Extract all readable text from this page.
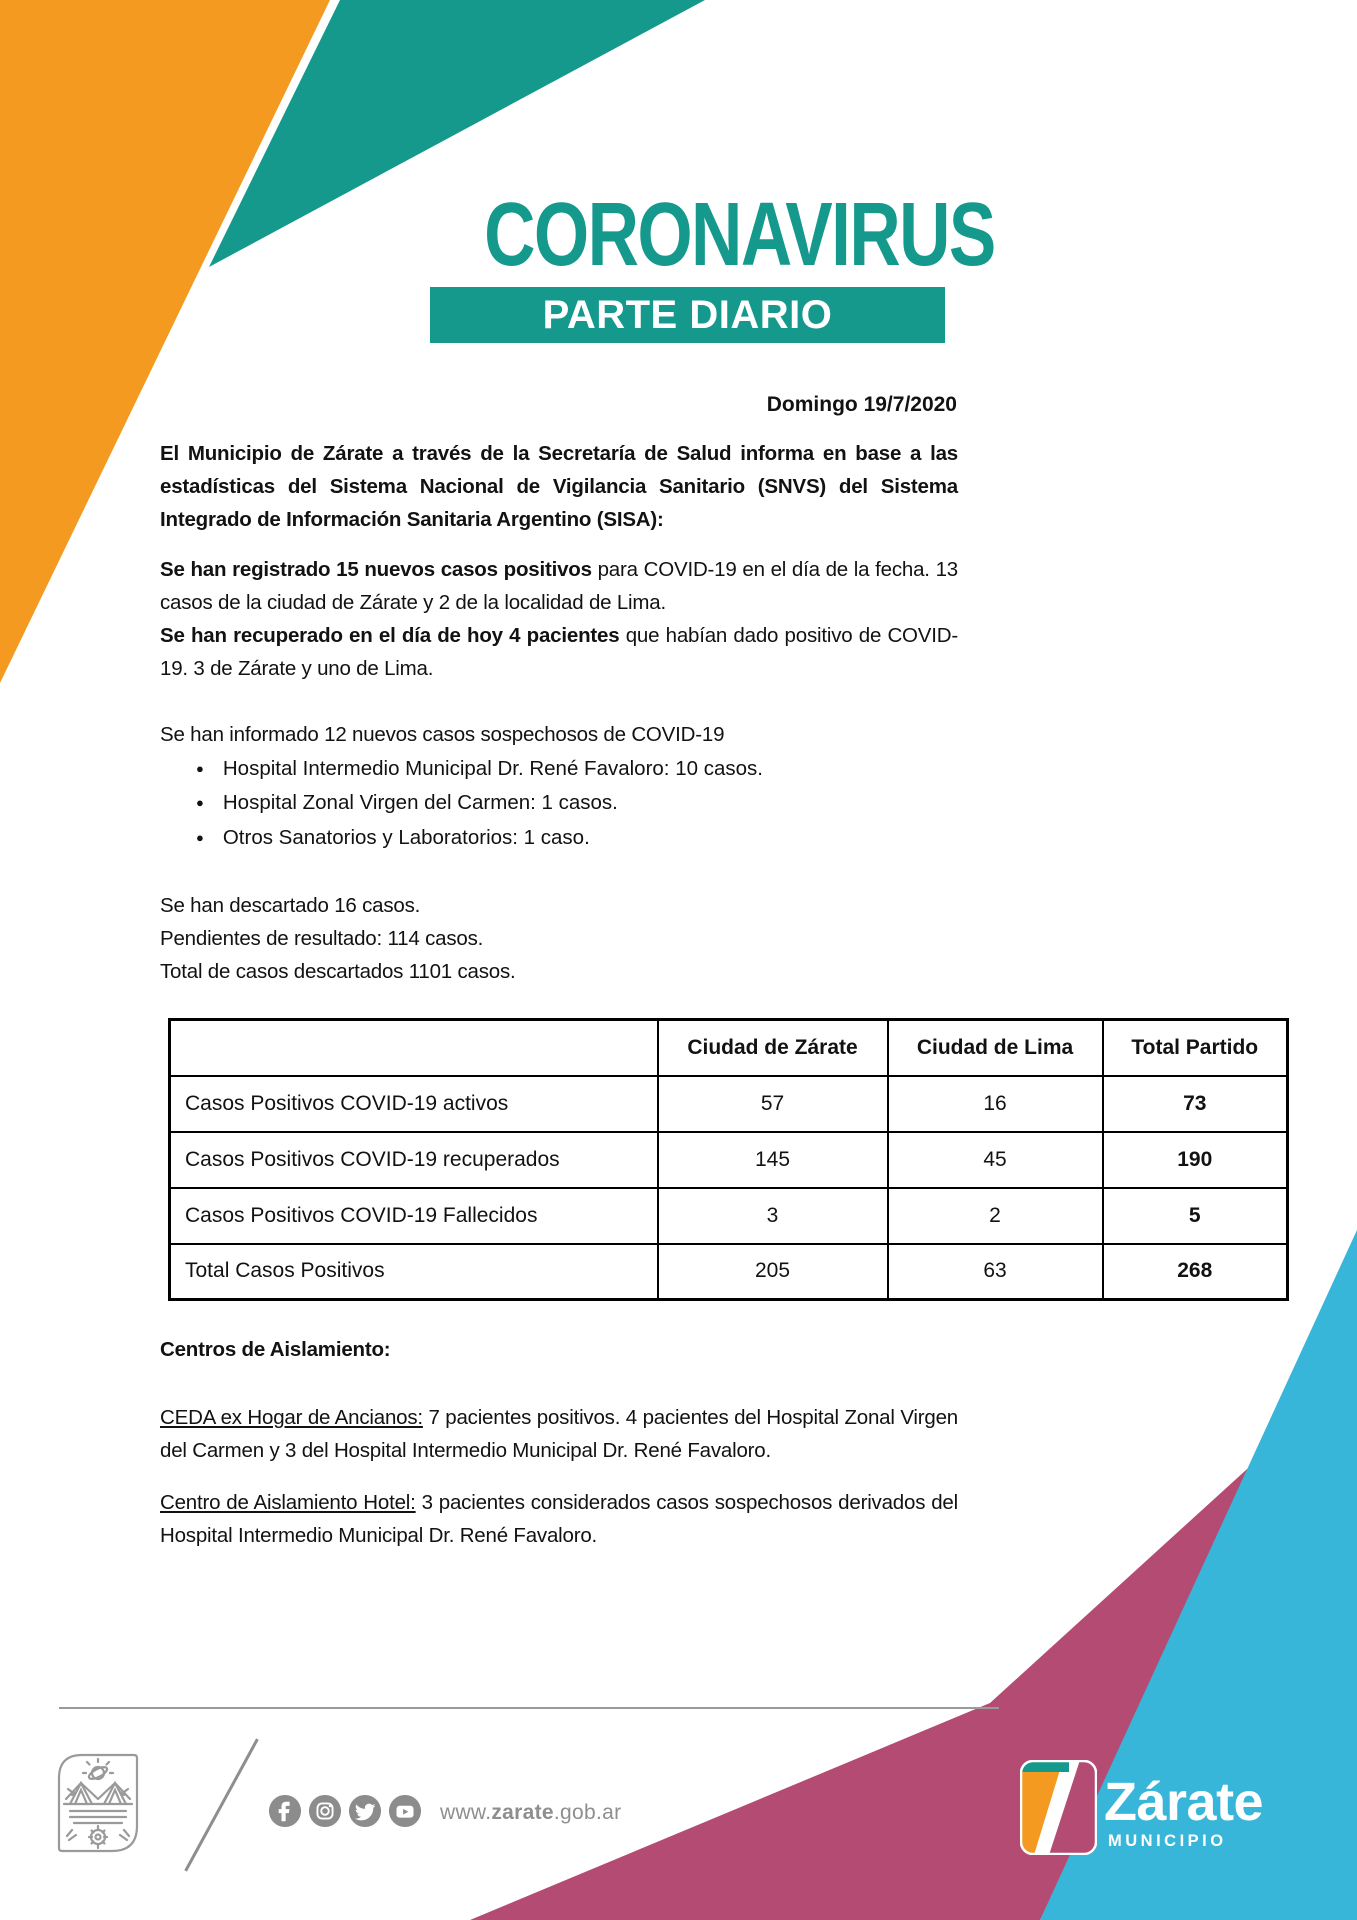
CORONAVIRUS
PARTE DIARIO
Domingo 19/7/2020
El Municipio de Zárate a través de la Secretaría de Salud informa en base a las estadísticas del Sistema Nacional de Vigilancia Sanitario (SNVS) del Sistema Integrado de Información Sanitaria Argentino (SISA):
Se han registrado 15 nuevos casos positivos para COVID-19 en el día de la fecha. 13 casos de la ciudad de Zárate y 2 de la localidad de Lima.
Se han recuperado en el día de hoy 4 pacientes que habían dado positivo de COVID-19. 3 de Zárate y uno de Lima.
Se han informado 12 nuevos casos sospechosos de COVID-19
● Hospital Intermedio Municipal Dr. René Favaloro: 10 casos.
● Hospital Zonal Virgen del Carmen: 1 casos.
● Otros Sanatorios y Laboratorios: 1 caso.
Se han descartado 16 casos.
Pendientes de resultado: 114 casos.
Total de casos descartados 1101 casos.
	Ciudad de Zárate	Ciudad de Lima	Total Partido
Casos Positivos COVID-19 activos	57	16	73
Casos Positivos COVID-19 recuperados	145	45	190
Casos Positivos COVID-19 Fallecidos	3	2	5
Total Casos Positivos	205	63	268
Centros de Aislamiento:
CEDA ex Hogar de Ancianos: 7 pacientes positivos. 4 pacientes del Hospital Zonal Virgen del Carmen y 3 del Hospital Intermedio Municipal Dr. René Favaloro.
Centro de Aislamiento Hotel: 3 pacientes considerados casos sospechosos derivados del Hospital Intermedio Municipal Dr. René Favaloro.
www.zarate.gob.ar	Zárate
MUNICIPIO
